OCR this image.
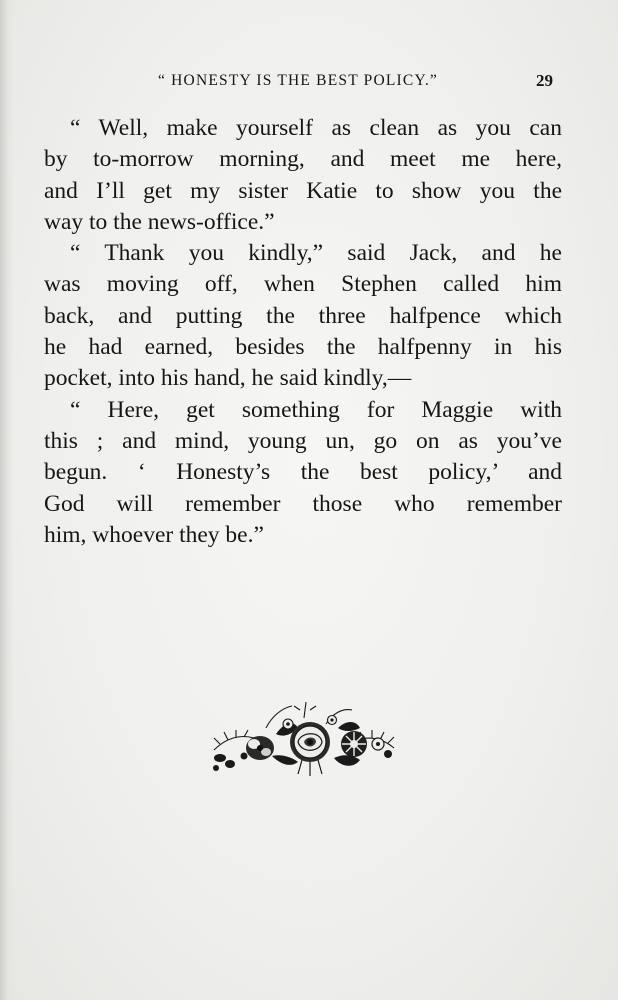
“ HONESTY IS THE BEST POLICY.”	29
“ Well, make yourself as clean as you can
by to-morrow morning, and meet me here,
and I’ll get my sister Katie to show you the
way to the news-office.”
“ Thank you kindly,” said Jack, and he
was moving off, when Stephen called him
back, and putting the three halfpence which
he had earned, besides the halfpenny in his
pocket, into his hand, he said kindly,—
“ Here, get something for Maggie with
this ; and mind, young un, go on as you’ve
begun. ‘ Honesty’s the best policy,’ and
God will remember those who remember
him, whoever they be.”
